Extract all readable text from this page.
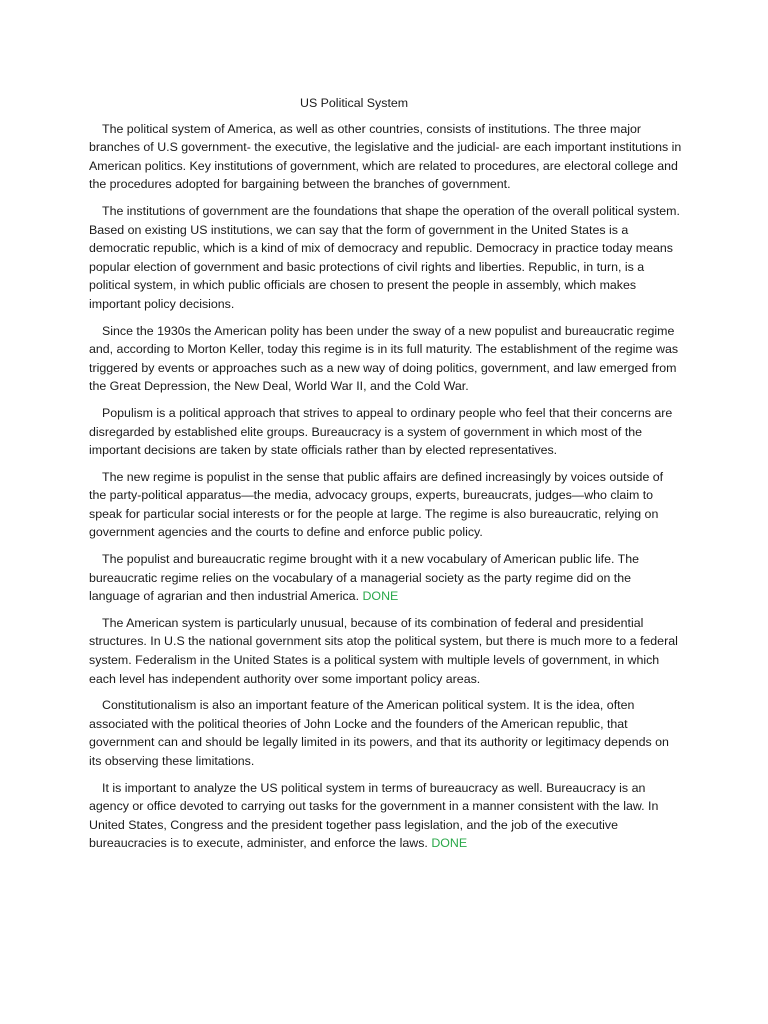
US Political System

The political system of America, as well as other countries, consists of institutions. The three major branches of U.S government- the executive, the legislative and the judicial- are each important institutions in American politics. Key institutions of government, which are related to procedures, are electoral college and the procedures adopted for bargaining between the branches of government.

The institutions of government are the foundations that shape the operation of the overall political system. Based on existing US institutions, we can say that the form of government in the United States is a democratic republic, which is a kind of mix of democracy and republic. Democracy in practice today means popular election of government and basic protections of civil rights and liberties. Republic, in turn, is a political system, in which public officials are chosen to present the people in assembly, which makes important policy decisions.

Since the 1930s the American polity has been under the sway of a new populist and bureaucratic regime and, according to Morton Keller, today this regime is in its full maturity. The establishment of the regime was triggered by events or approaches such as a new way of doing politics, government, and law emerged from the Great Depression, the New Deal, World War II, and the Cold War.

Populism is a political approach that strives to appeal to ordinary people who feel that their concerns are disregarded by established elite groups. Bureaucracy is a system of government in which most of the important decisions are taken by state officials rather than by elected representatives.

The new regime is populist in the sense that public affairs are defined increasingly by voices outside of the party-political apparatus—the media, advocacy groups, experts, bureaucrats, judges—who claim to speak for particular social interests or for the people at large. The regime is also bureaucratic, relying on government agencies and the courts to define and enforce public policy.

The populist and bureaucratic regime brought with it a new vocabulary of American public life. The bureaucratic regime relies on the vocabulary of a managerial society as the party regime did on the language of agrarian and then industrial America. DONE

The American system is particularly unusual, because of its combination of federal and presidential structures. In U.S the national government sits atop the political system, but there is much more to a federal system. Federalism in the United States is a political system with multiple levels of government, in which each level has independent authority over some important policy areas.

Constitutionalism is also an important feature of the American political system. It is the idea, often associated with the political theories of John Locke and the founders of the American republic, that government can and should be legally limited in its powers, and that its authority or legitimacy depends on its observing these limitations.

It is important to analyze the US political system in terms of bureaucracy as well. Bureaucracy is an agency or office devoted to carrying out tasks for the government in a manner consistent with the law. In United States, Congress and the president together pass legislation, and the job of the executive bureaucracies is to execute, administer, and enforce the laws. DONE
